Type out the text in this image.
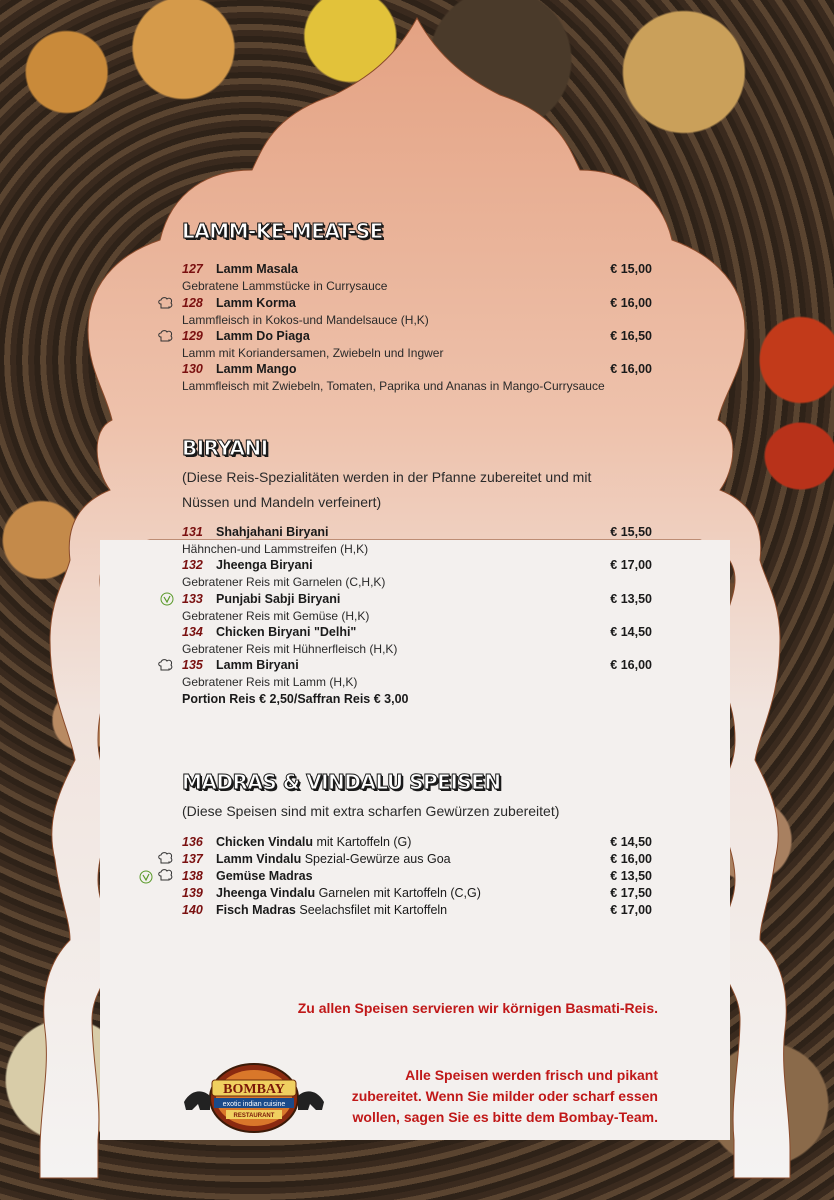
LAMM-KE-MEAT-SE
127 Lamm Masala	€ 15,00
Gebratene Lammstücke in Currysauce
128 Lamm Korma	€ 16,00
Lammfleisch in Kokos-und Mandelsauce (H,K)
129 Lamm Do Piaga	€ 16,50
Lamm mit Koriandersamen, Zwiebeln und Ingwer
130 Lamm Mango	€ 16,00
Lammfleisch mit Zwiebeln, Tomaten, Paprika und Ananas in Mango-Currysauce
BIRYANI
(Diese Reis-Spezialitäten werden in der Pfanne zubereitet und mit Nüssen und Mandeln verfeinert)
131 Shahjahani Biryani	€ 15,50
Hähnchen-und Lammstreifen (H,K)
132 Jheenga Biryani	€ 17,00
Gebratener Reis mit Garnelen (C,H,K)
133 Punjabi Sabji Biryani	€ 13,50
Gebratener Reis mit Gemüse (H,K)
134 Chicken Biryani "Delhi"	€ 14,50
Gebratener Reis mit Hühnerfleisch (H,K)
135 Lamm Biryani	€ 16,00
Gebratener Reis mit Lamm (H,K)
Portion Reis € 2,50/Saffran Reis € 3,00
MADRAS & VINDALU SPEISEN
(Diese Speisen sind mit extra scharfen Gewürzen zubereitet)
136 Chicken Vindalu mit Kartoffeln (G)	€ 14,50
137 Lamm Vindalu Spezial-Gewürze aus Goa	€ 16,00
138 Gemüse Madras	€ 13,50
139 Jheenga Vindalu Garnelen mit Kartoffeln (C,G)	€ 17,50
140 Fisch Madras Seelachsfilet mit Kartoffeln	€ 17,00
Zu allen Speisen servieren wir körnigen Basmati-Reis.
Alle Speisen werden frisch und pikant zubereitet. Wenn Sie milder oder scharf essen wollen, sagen Sie es bitte dem Bombay-Team.
BOMBAY
exotic indian cuisine
RESTAURANT
